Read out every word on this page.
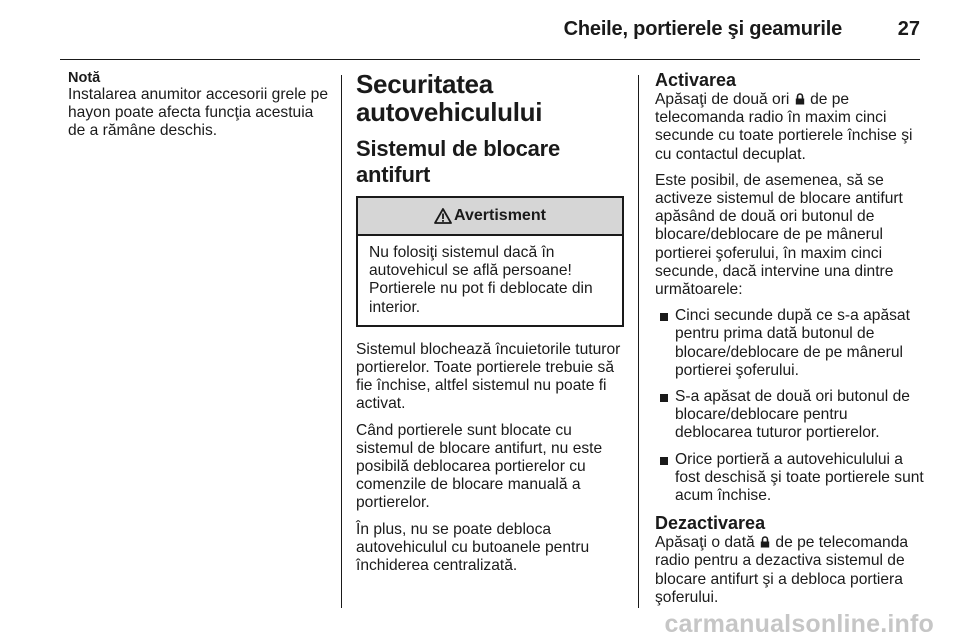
Cheile, portierele şi geamurile	27

Notă

Instalarea anumitor accesorii grele pe hayon poate afecta funcţia acestuia de a rămâne deschis.

Securitatea autovehiculului
Sistemul de blocare antifurt
Avertisment
Nu folosiţi sistemul dacă în autovehicul se află persoane! Portierele nu pot fi deblocate din interior.

Sistemul blochează încuietorile tuturor portierelor. Toate portierele trebuie să fie închise, altfel sistemul nu poate fi activat.

Când portierele sunt blocate cu sistemul de blocare antifurt, nu este posibilă deblocarea portierelor cu comenzile de blocare manuală a portierelor.

În plus, nu se poate debloca autovehiculul cu butoanele pentru închiderea centralizată.

Activarea

Apăsaţi de două ori de pe telecomanda radio în maxim cinci secunde cu toate portierele închise şi cu contactul decuplat.

Este posibil, de asemenea, să se activeze sistemul de blocare antifurt apăsând de două ori butonul de blocare/deblocare de pe mânerul portierei şoferului, în maxim cinci secunde, dacă intervine una dintre următoarele:

Cinci secunde după ce s-a apăsat pentru prima dată butonul de blocare/deblocare de pe mânerul portierei şoferului.
S-a apăsat de două ori butonul de blocare/deblocare pentru deblocarea tuturor portierelor.
Orice portieră a autovehiculului a fost deschisă şi toate portierele sunt acum închise.
Dezactivarea

Apăsaţi o dată de pe telecomanda radio pentru a dezactiva sistemul de blocare antifurt şi a debloca portiera şoferului.

carmanualsonline.info
